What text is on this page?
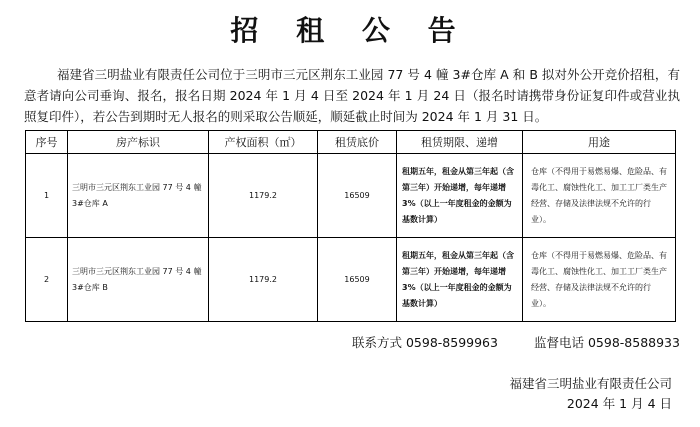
招 租 公 告

福建省三明盐业有限责任公司位于三明市三元区荆东工业园 77 号 4 幢 3#仓库 A 和 B 拟对外公开竞价招租，有意者请向公司垂询、报名，报名日期 2024 年 1 月 4 日至 2024 年 1 月 24 日（报名时请携带身份证复印件或营业执照复印件），若公告到期时无人报名的则采取公告顺延，顺延截止时间为 2024 年 1 月 31 日。

序号	房产标识	产权面积（㎡）	租赁底价	租赁期限、递增	用途
1	三明市三元区荆东工业园 77 号 4 幢 3#仓库 A	1179.2	16509	租期五年，租金从第三年起（含第三年）开始递增，每年递增 3%（以上一年度租金的金额为基数计算）	仓库（不得用于易燃易爆、危险品、有毒化工、腐蚀性化工、加工工厂类生产经营、存储及法律法规不允许的行业）。
2	三明市三元区荆东工业园 77 号 4 幢 3#仓库 B	1179.2	16509	租期五年，租金从第三年起（含第三年）开始递增，每年递增 3%（以上一年度租金的金额为基数计算）	仓库（不得用于易燃易爆、危险品、有毒化工、腐蚀性化工、加工工厂类生产经营、存储及法律法规不允许的行业）。
联系方式 0598-8599963	监督电话 0598-8588933
福建省三明盐业有限责任公司
2024 年 1 月 4 日
